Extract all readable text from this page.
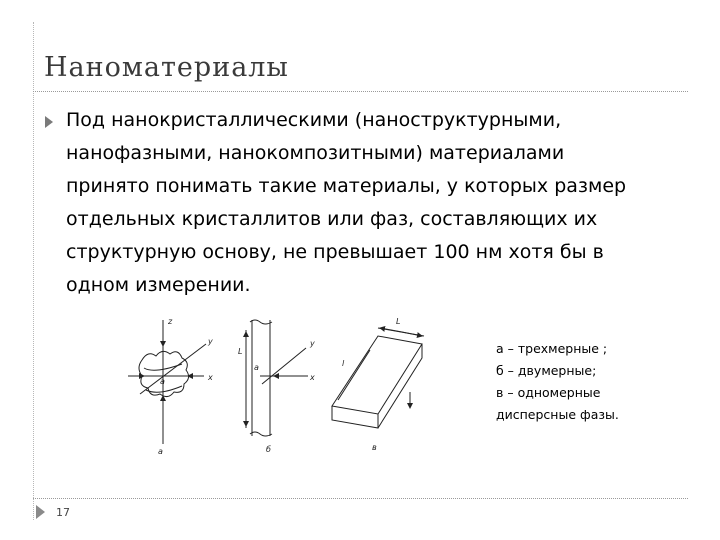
Наноматериалы
Под нанокристаллическими (наноструктурными,
нанофазными, нанокомпозитными) материалами
принято понимать такие материалы, у которых размер
отдельных кристаллитов или фаз, составляющих их
структурную основу, не превышает 100 нм хотя бы в
одном измерении.
z
y
x
a
а
L
y
x
a
б
L
l
в
а – трехмерные ;
б – двумерные;
в – одномерные
дисперсные фазы.
17
